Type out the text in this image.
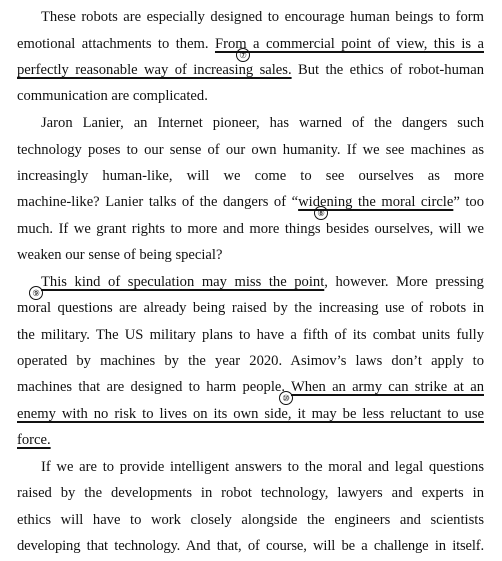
These robots are especially designed to encourage human beings to form
emotional attachments to them. From a commercial point of view, this is a
perfectly reasonable way of increasing sales. But the ethics of robot-human
communication are complicated.
⑦
Jaron Lanier, an Internet pioneer, has warned of the dangers such
technology poses to our sense of our own humanity. If we see machines as
increasingly human-like, will we come to see ourselves as more
machine-like? Lanier talks of the dangers of “widening the moral circle” too
much. If we grant rights to more and more things besides ourselves, will we
weaken our sense of being special?
⑧
This kind of speculation may miss the point, however. More pressing
moral questions are already being raised by the increasing use of robots in
the military. The US military plans to have a fifth of its combat units fully
operated by machines by the year 2020. Asimov’s laws don’t apply to
machines that are designed to harm people. When an army can strike at an
enemy with no risk to lives on its own side, it may be less reluctant to use
force.
⑨
⑩
If we are to provide intelligent answers to the moral and legal questions
raised by the developments in robot technology, lawyers and experts in
ethics will have to work closely alongside the engineers and scientists
developing that technology. And that, of course, will be a challenge in itself.
